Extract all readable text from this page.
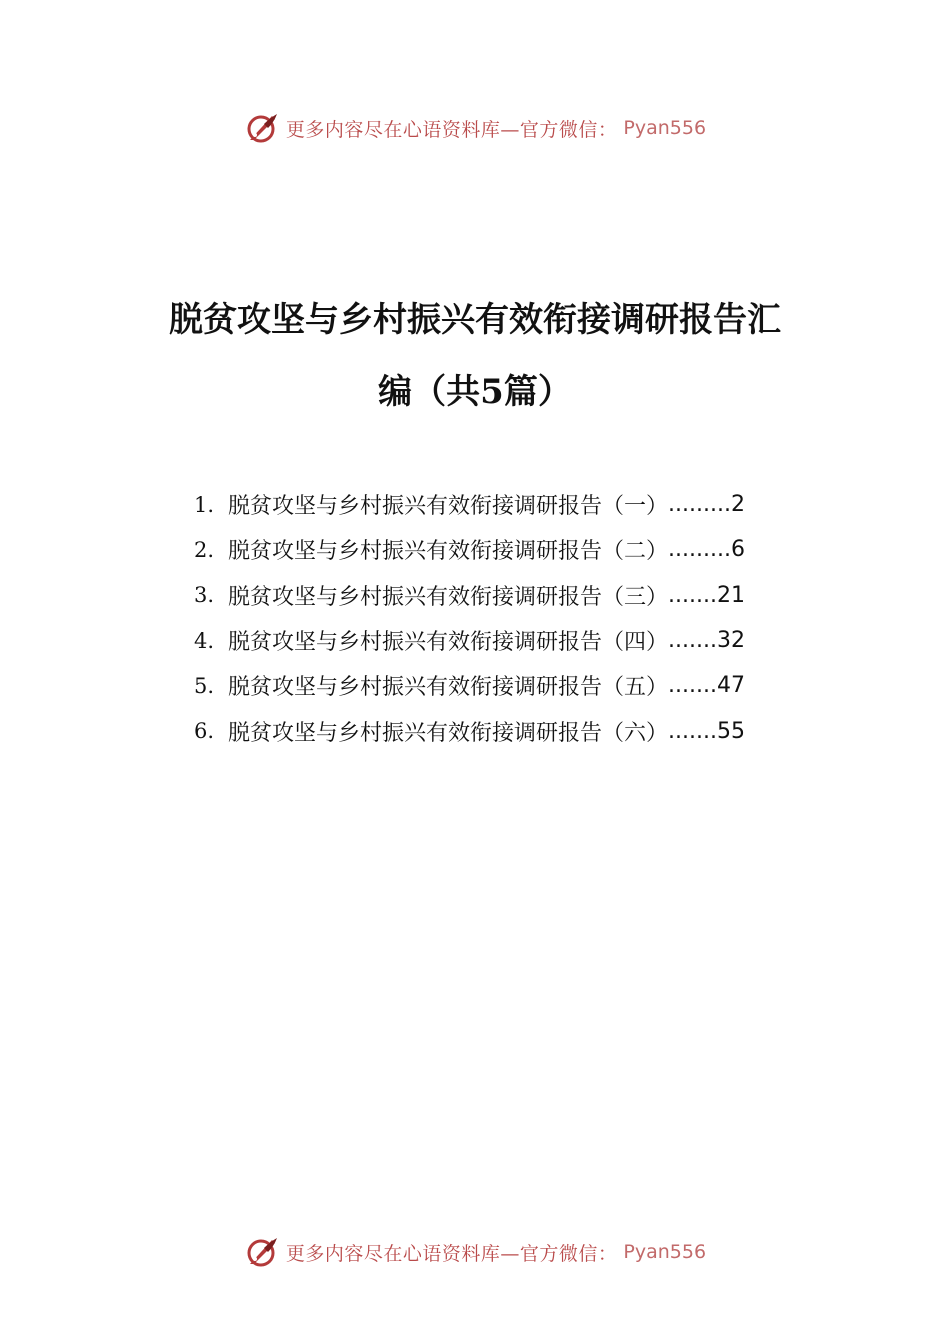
更多内容尽在心语资料库—官方微信： Pyan556
脱贫攻坚与乡村振兴有效衔接调研报告汇
编（共5篇）
1. 脱贫攻坚与乡村振兴有效衔接调研报告（一） ......... 2
2. 脱贫攻坚与乡村振兴有效衔接调研报告（二） ......... 6
3. 脱贫攻坚与乡村振兴有效衔接调研报告（三） ....... 21
4. 脱贫攻坚与乡村振兴有效衔接调研报告（四） ....... 32
5. 脱贫攻坚与乡村振兴有效衔接调研报告（五） ....... 47
6. 脱贫攻坚与乡村振兴有效衔接调研报告（六） ....... 55
更多内容尽在心语资料库—官方微信： Pyan556
